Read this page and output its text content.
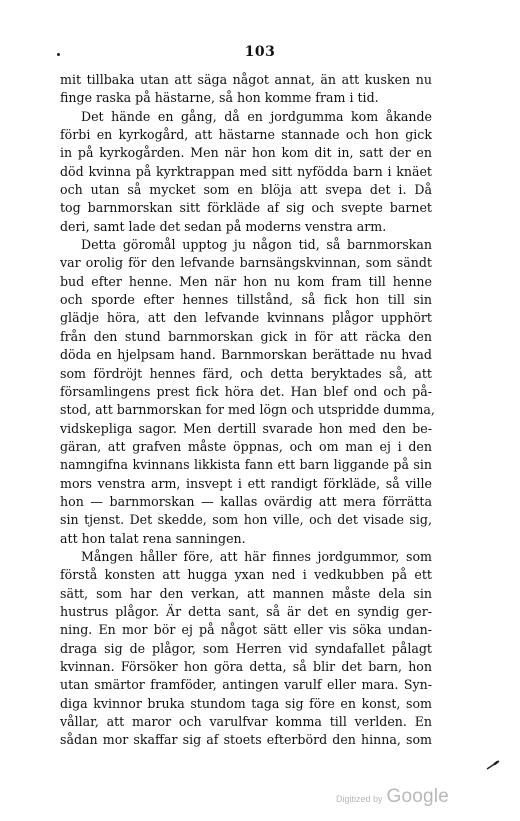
103
mit tillbaka utan att säga något annat, än att kusken nu
finge raska på hästarne, så hon komme fram i tid.
Det hände en gång, då en jordgumma kom åkande
förbi en kyrkogård, att hästarne stannade och hon gick
in på kyrkogården. Men när hon kom dit in, satt der en
död kvinna på kyrktrappan med sitt nyfödda barn i knäet
och utan så mycket som en blöja att svepa det i. Då
tog barnmorskan sitt förkläde af sig och svepte barnet
deri, samt lade det sedan på moderns venstra arm.
Detta göromål upptog ju någon tid, så barnmorskan
var orolig för den lefvande barnsängskvinnan, som sändt
bud efter henne. Men när hon nu kom fram till henne
och sporde efter hennes tillstånd, så fick hon till sin
glädje höra, att den lefvande kvinnans plågor upphört
från den stund barnmorskan gick in för att räcka den
döda en hjelpsam hand. Barnmorskan berättade nu hvad
som fördröjt hennes färd, och detta beryktades så, att
församlingens prest fick höra det. Han blef ond och på-
stod, att barnmorskan for med lögn och utspridde dumma,
vidskepliga sagor. Men dertill svarade hon med den be-
gäran, att grafven måste öppnas, och om man ej i den
namngifna kvinnans likkista fann ett barn liggande på sin
mors venstra arm, insvept i ett randigt förkläde, så ville
hon — barnmorskan — kallas ovärdig att mera förrätta
sin tjenst. Det skedde, som hon ville, och det visade sig,
att hon talat rena sanningen.
Mången håller före, att här finnes jordgummor, som
förstå konsten att hugga yxan ned i vedkubben på ett
sätt, som har den verkan, att mannen måste dela sin
hustrus plågor. Är detta sant, så är det en syndig ger-
ning. En mor bör ej på något sätt eller vis söka undan-
draga sig de plågor, som Herren vid syndafallet pålagt
kvinnan. Försöker hon göra detta, så blir det barn, hon
utan smärtor framföder, antingen varulf eller mara. Syn-
diga kvinnor bruka stundom taga sig före en konst, som
vållar, att maror och varulfvar komma till verlden. En
sådan mor skaffar sig af stoets efterbörd den hinna, som
Digitized by Google
